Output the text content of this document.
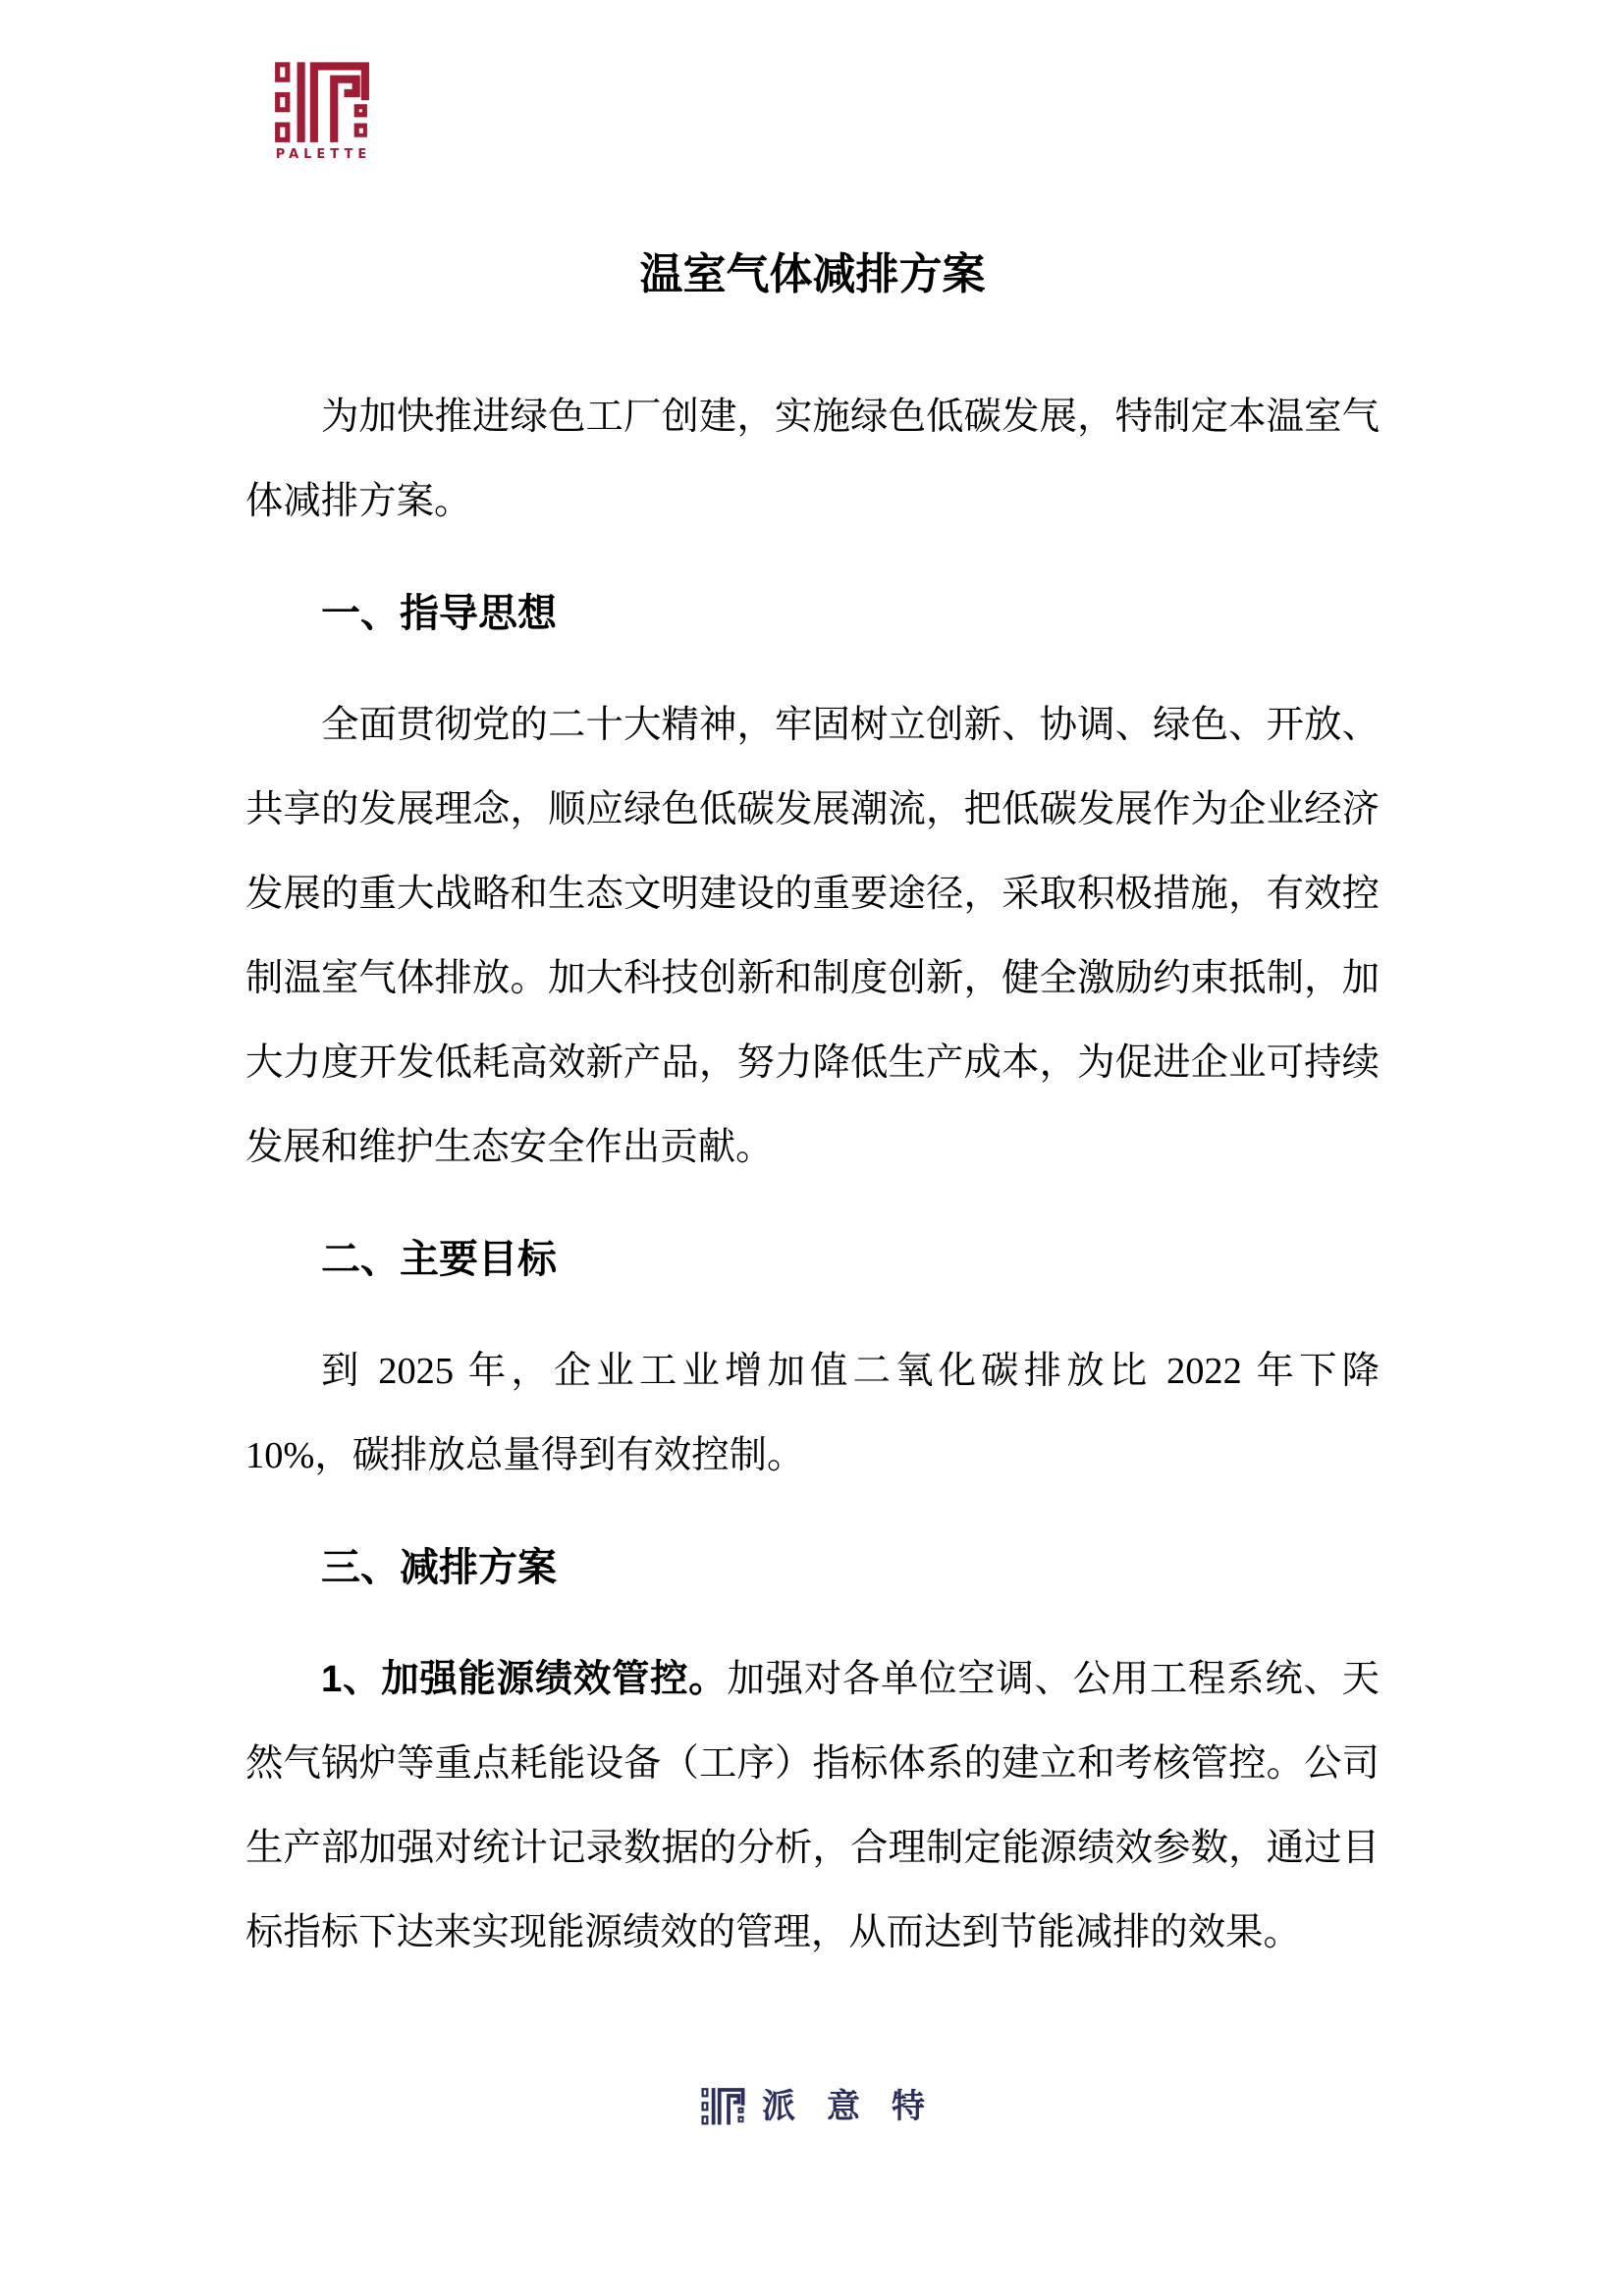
PALETTE
温室气体减排方案

为加快推进绿色工厂创建，实施绿色低碳发展，特制定本温室气体减排方案。

一、指导思想

全面贯彻党的二十大精神，牢固树立创新、协调、绿色、开放、共享的发展理念，顺应绿色低碳发展潮流，把低碳发展作为企业经济发展的重大战略和生态文明建设的重要途径，采取积极措施，有效控制温室气体排放。加大科技创新和制度创新，健全激励约束抵制，加大力度开发低耗高效新产品，努力降低生产成本，为促进企业可持续发展和维护生态安全作出贡献。

二、主要目标

到 2025 年，企业工业增加值二氧化碳排放比 2022 年下降 10%，碳排放总量得到有效控制。

三、减排方案

1、加强能源绩效管控。加强对各单位空调、公用工程系统、天然气锅炉等重点耗能设备（工序）指标体系的建立和考核管控。公司生产部加强对统计记录数据的分析，合理制定能源绩效参数，通过目标指标下达来实现能源绩效的管理，从而达到节能减排的效果。

派意特
